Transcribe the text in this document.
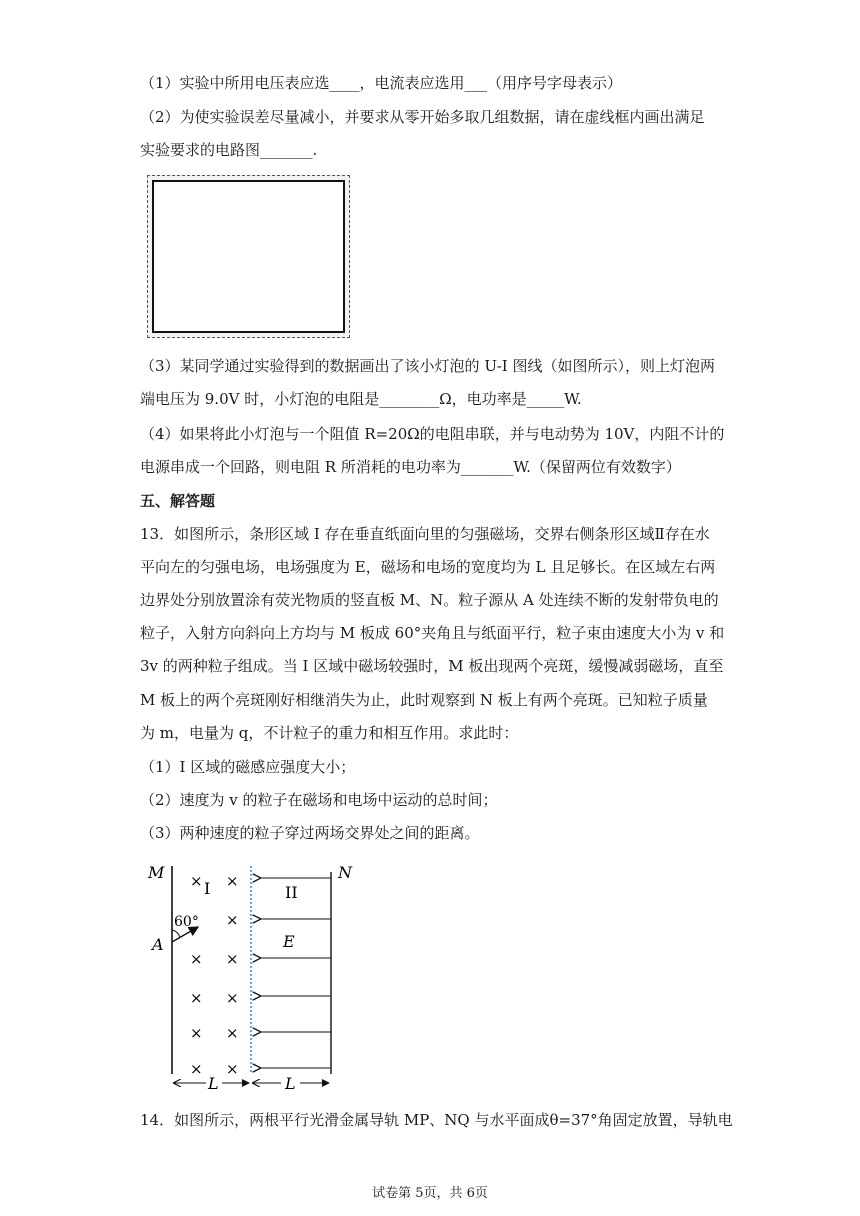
（1）实验中所用电压表应选____，电流表应选用___（用序号字母表示）
（2）为使实验误差尽量减小，并要求从零开始多取几组数据，请在虚线框内画出满足
实验要求的电路图_______.
（3）某同学通过实验得到的数据画出了该小灯泡的 U-I 图线（如图所示），则上灯泡两
端电压为 9.0V 时，小灯泡的电阻是________Ω，电功率是_____W.
（4）如果将此小灯泡与一个阻值 R=20Ω的电阻串联，并与电动势为 10V，内阻不计的
电源串成一个回路，则电阻 R 所消耗的电功率为_______W.（保留两位有效数字）
五、解答题
13．如图所示，条形区域 I 存在垂直纸面向里的匀强磁场，交界右侧条形区域Ⅱ存在水
平向左的匀强电场，电场强度为 E，磁场和电场的宽度均为 L 且足够长。在区域左右两
边界处分别放置涂有荧光物质的竖直板 M、N。粒子源从 A 处连续不断的发射带负电的
粒子，入射方向斜向上方均与 M 板成 60°夹角且与纸面平行，粒子束由速度大小为 v 和
3v 的两种粒子组成。当 I 区域中磁场较强时，M 板出现两个亮斑，缓慢减弱磁场，直至
M 板上的两个亮斑刚好相继消失为止，此时观察到 N 板上有两个亮斑。已知粒子质量
为 m，电量为 q，不计粒子的重力和相互作用。求此时：
（1）I 区域的磁感应强度大小；
（2）速度为 v 的粒子在磁场和电场中运动的总时间；
（3）两种速度的粒子穿过两场交界处之间的距离。
M	N
I	II
A
60°
E
×
×
×
×
×
×
×
×
×
×
×
L	L
14．如图所示，两根平行光滑金属导轨 MP、NQ 与水平面成θ=37°角固定放置，导轨电
试卷第 5页，共 6页
